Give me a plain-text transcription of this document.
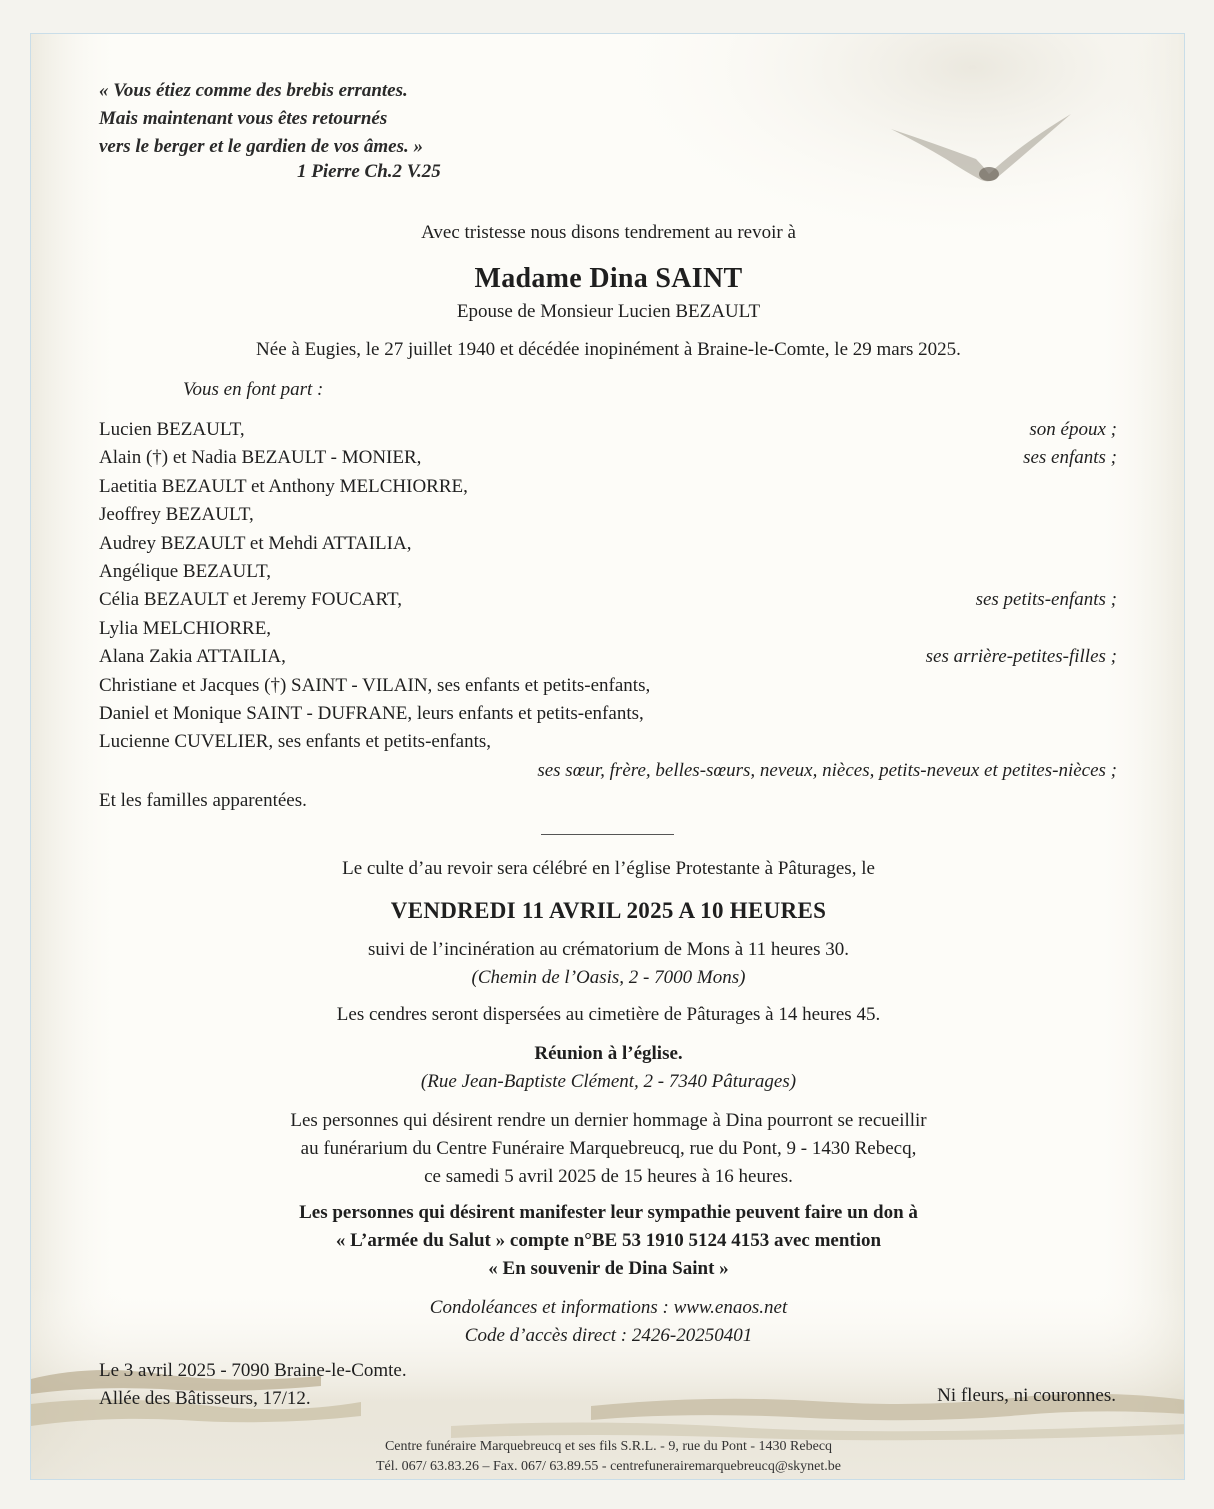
« Vous étiez comme des brebis errantes.
Mais maintenant vous êtes retournés
vers le berger et le gardien de vos âmes. »
1 Pierre Ch.2 V.25
Avec tristesse nous disons tendrement au revoir à
Madame Dina SAINT
Epouse de Monsieur Lucien BEZAULT
Née à Eugies, le 27 juillet 1940 et décédée inopinément à Braine-le-Comte, le 29 mars 2025.
Vous en font part :
Lucien BEZAULT,	son époux ;
Alain (†) et Nadia BEZAULT - MONIER,	ses enfants ;
Laetitia BEZAULT et Anthony MELCHIORRE,
Jeoffrey BEZAULT,
Audrey BEZAULT et Mehdi ATTAILIA,
Angélique BEZAULT,
Célia BEZAULT et Jeremy FOUCART,	ses petits-enfants ;
Lylia MELCHIORRE,
Alana Zakia ATTAILIA,	ses arrière-petites-filles ;
Christiane et Jacques (†) SAINT - VILAIN, ses enfants et petits-enfants,
Daniel et Monique SAINT - DUFRANE, leurs enfants et petits-enfants,
Lucienne CUVELIER, ses enfants et petits-enfants,
ses sœur, frère, belles-sœurs, neveux, nièces, petits-neveux et petites-nièces ;
Et les familles apparentées.
Le culte d’au revoir sera célébré en l’église Protestante à Pâturages, le
VENDREDI 11 AVRIL 2025 A 10 HEURES
suivi de l’incinération au crématorium de Mons à 11 heures 30.
(Chemin de l’Oasis, 2 - 7000 Mons)
Les cendres seront dispersées au cimetière de Pâturages à 14 heures 45.
Réunion à l’église.
(Rue Jean-Baptiste Clément, 2 - 7340 Pâturages)
Les personnes qui désirent rendre un dernier hommage à Dina pourront se recueillir
au funérarium du Centre Funéraire Marquebreucq, rue du Pont, 9 - 1430 Rebecq,
ce samedi 5 avril 2025 de 15 heures à 16 heures.
Les personnes qui désirent manifester leur sympathie peuvent faire un don à
« L’armée du Salut » compte n°BE 53 1910 5124 4153 avec mention
« En souvenir de Dina Saint »
Condoléances et informations : www.enaos.net
Code d’accès direct : 2426-20250401
Le 3 avril 2025 - 7090 Braine-le-Comte.
Allée des Bâtisseurs, 17/12.	Ni fleurs, ni couronnes.
Centre funéraire Marquebreucq et ses fils S.R.L. - 9, rue du Pont - 1430 Rebecq
Tél. 067/ 63.83.26 – Fax. 067/ 63.89.55 - centrefunerairemarquebreucq@skynet.be
